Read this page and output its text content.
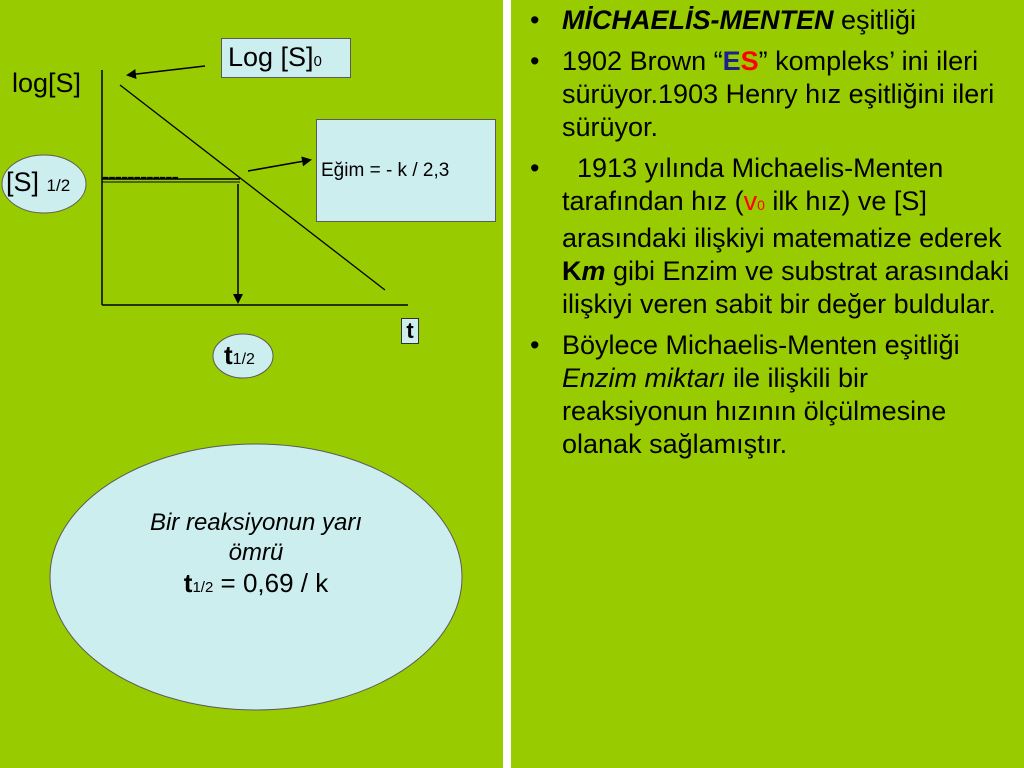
Log [S]0
log[S]
[S] 1/2 ------------	Eğim = - k / 2,3
t
t1/2
Bir reaksiyonun yarı
ömrü
t1/2 = 0,69 / k
• MİCHAELİS-MENTEN eşitliği
• 1902 Brown “ES” kompleks’ ini ileri sürüyor.1903 Henry hız eşitliğini ileri sürüyor.
•   1913 yılında Michaelis-Menten tarafından hız (v0 ilk hız) ve [S] arasındaki ilişkiyi matematize ederek Km gibi Enzim ve substrat arasındaki ilişkiyi veren sabit bir değer buldular.
• Böylece Michaelis-Menten eşitliği Enzim miktarı ile ilişkili bir reaksiyonun hızının ölçülmesine olanak sağlamıştır.
